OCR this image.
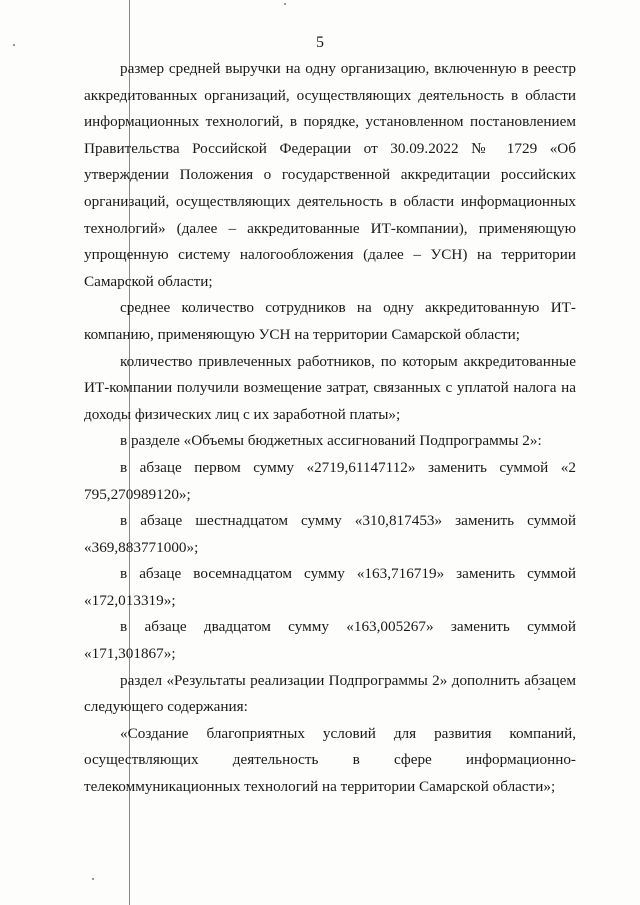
5

размер средней выручки на одну организацию, включенную в реестр аккредитованных организаций, осуществляющих деятельность в области информационных технологий, в порядке, установленном постановлением Правительства Российской Федерации от 30.09.2022 № 1729 «Об утверждении Положения о государственной аккредитации российских организаций, осуществляющих деятельность в области информационных технологий» (далее – аккредитованные ИТ-компании), применяющую упрощенную систему налогообложения (далее – УСН) на территории Самарской области;

среднее количество сотрудников на одну аккредитованную ИТ-компанию, применяющую УСН на территории Самарской области;

количество привлеченных работников, по которым аккредитованные ИТ-компании получили возмещение затрат, связанных с уплатой налога на доходы физических лиц с их заработной платы»;

в разделе «Объемы бюджетных ассигнований Подпрограммы 2»:

в абзаце первом сумму «2719,61147112» заменить суммой «2 795,270989120»;

в абзаце шестнадцатом сумму «310,817453» заменить суммой «369,883771000»;

в абзаце восемнадцатом сумму «163,716719» заменить суммой «172,013319»;

в абзаце двадцатом сумму «163,005267» заменить суммой «171,301867»;

раздел «Результаты реализации Подпрограммы 2» дополнить абзацем следующего содержания:

«Создание благоприятных условий для развития компаний, осуществляющих деятельность в сфере информационно-телекоммуникационных технологий на территории Самарской области»;
